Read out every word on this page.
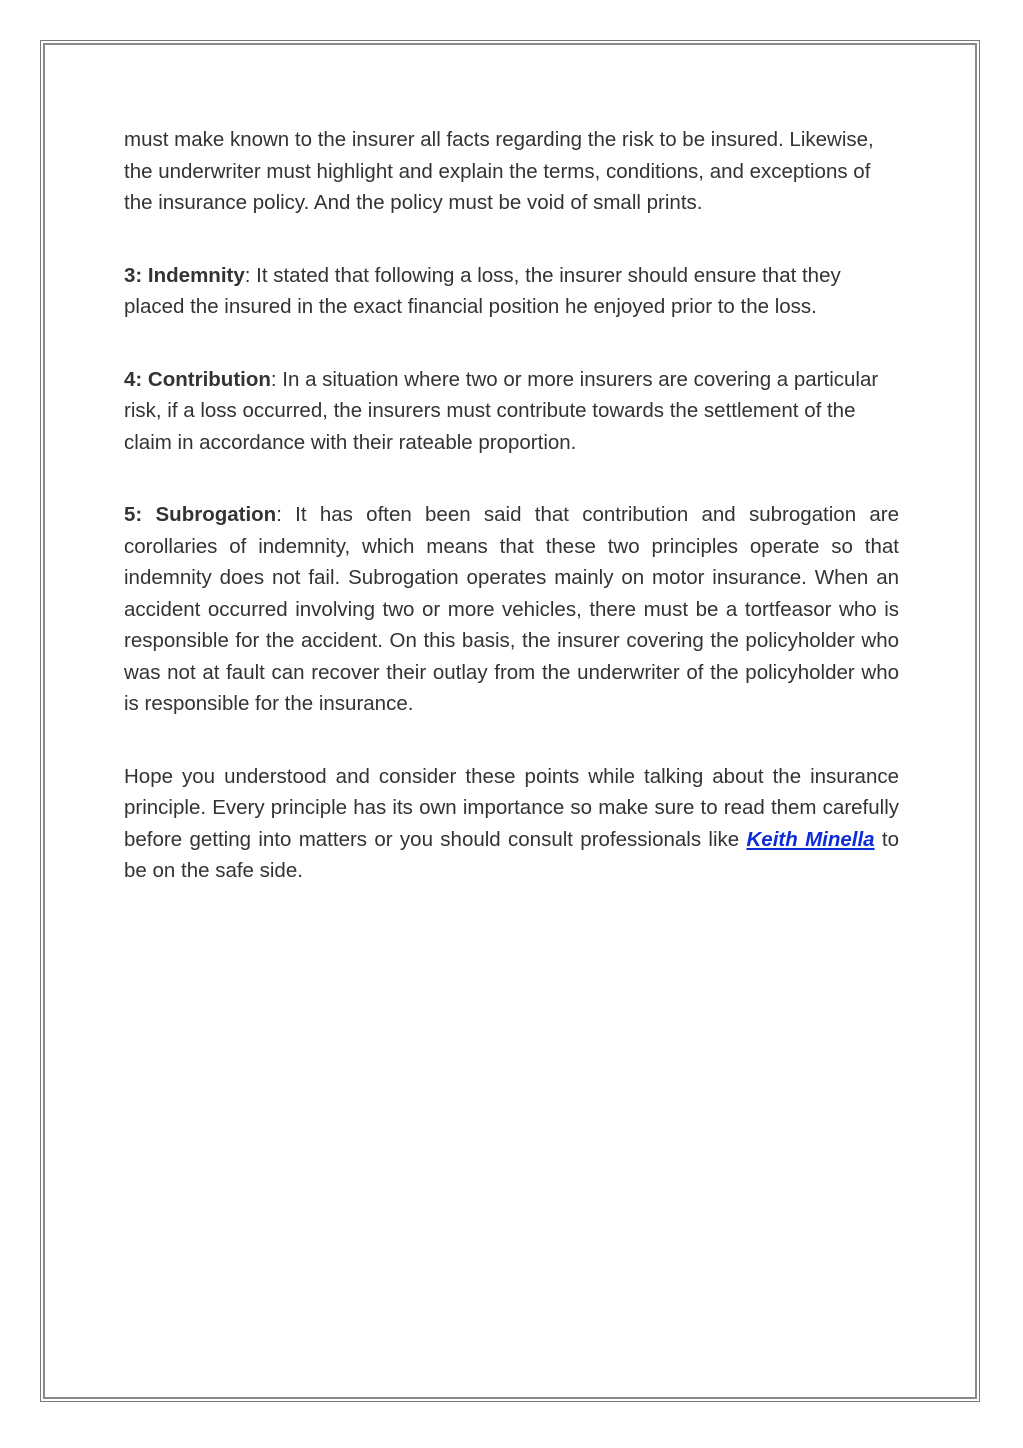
must make known to the insurer all facts regarding the risk to be insured. Likewise, the underwriter must highlight and explain the terms, conditions, and exceptions of the insurance policy. And the policy must be void of small prints.

3: Indemnity: It stated that following a loss, the insurer should ensure that they placed the insured in the exact financial position he enjoyed prior to the loss.

4: Contribution: In a situation where two or more insurers are covering a particular risk, if a loss occurred, the insurers must contribute towards the settlement of the claim in accordance with their rateable proportion.

5: Subrogation: It has often been said that contribution and subrogation are corollaries of indemnity, which means that these two principles operate so that indemnity does not fail. Subrogation operates mainly on motor insurance. When an accident occurred involving two or more vehicles, there must be a tortfeasor who is responsible for the accident. On this basis, the insurer covering the policyholder who was not at fault can recover their outlay from the underwriter of the policyholder who is responsible for the insurance.

Hope you understood and consider these points while talking about the insurance principle. Every principle has its own importance so make sure to read them carefully before getting into matters or you should consult professionals like Keith Minella to be on the safe side.
